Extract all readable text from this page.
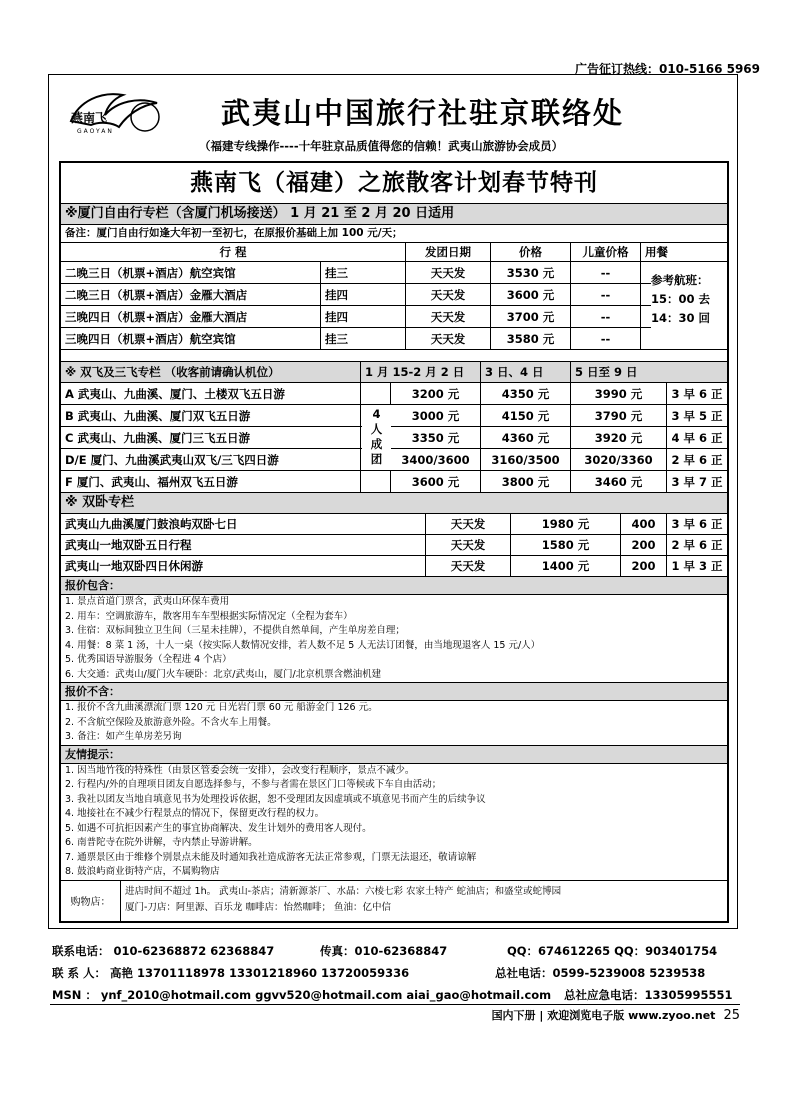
广告征订热线：010-5166 5969
燕南飞
GAOYAN
武夷山中国旅行社驻京联络处
（福建专线操作----十年驻京品质值得您的信赖！武夷山旅游协会成员）
燕南飞（福建）之旅散客计划春节特刊
※厦门自由行专栏（含厦门机场接送） 1 月 21 至 2 月 20 日适用
备注：厦门自由行如逢大年初一至初七，在原报价基础上加 100 元/天；
行 程	发团日期	价格	儿童价格	用餐
二晚三日（机票+酒店）航空宾馆	挂三	天天发	3530 元	--
二晚三日（机票+酒店）金雁大酒店	挂四	天天发	3600 元	--
三晚四日（机票+酒店）金雁大酒店	挂四	天天发	3700 元	--
三晚四日（机票+酒店）航空宾馆	挂三	天天发	3580 元	--
参考航班：
15：00 去
14：30 回
※ 双飞及三飞专栏 （收客前请确认机位）	1 月 15-2 月 2 日	3 日、4 日	5 日至 9 日
A 武夷山、九曲溪、厦门、土楼双飞五日游	3200 元	4350 元	3990 元	3 早 6 正
B 武夷山、九曲溪、厦门双飞五日游	3000 元	4150 元	3790 元	3 早 5 正
C 武夷山、九曲溪、厦门三飞五日游	3350 元	4360 元	3920 元	4 早 6 正
D/E 厦门、九曲溪武夷山双飞/三飞四日游	3400/3600	3160/3500	3020/3360	2 早 6 正
F 厦门、武夷山、福州双飞五日游	3600 元	3800 元	3460 元	3 早 7 正
4
人
成
团
※ 双卧专栏
武夷山九曲溪厦门鼓浪屿双卧七日	天天发	1980 元	400	3 早 6 正
武夷山一地双卧五日行程	天天发	1580 元	200	2 早 6 正
武夷山一地双卧四日休闲游	天天发	1400 元	200	1 早 3 正
报价包含：
1. 景点首道门票含，武夷山环保车费用
2. 用车：空调旅游车，散客用车车型根据实际情况定（全程为套车）
3. 住宿：双标间独立卫生间（三星未挂牌），不提供自然单间，产生单房差自理；
4. 用餐：8 菜 1 汤，十人一桌（按实际人数情况安排，若人数不足 5 人无法订团餐，由当地现退客人 15 元/人）
5. 优秀国语导游服务（全程进 4 个店）
6. 大交通：武夷山/厦门火车硬卧：北京/武夷山，厦门/北京机票含燃油机建
报价不含：
1. 报价不含九曲溪漂流门票 120 元 日光岩门票 60 元 船游金门 126 元。
2. 不含航空保险及旅游意外险。不含火车上用餐。
3. 备注：如产生单房差另询
友情提示：
1. 因当地竹筏的特殊性（由景区管委会统一安排），会改变行程顺序，景点不减少。
2. 行程内/外的自理项目团友自愿选择参与，不参与者需在景区门口等候或下车自由活动；
3. 我社以团友当地自填意见书为处理投诉依据，恕不受理团友因虚填或不填意见书而产生的后续争议
4. 地接社在不减少行程景点的情况下，保留更改行程的权力。
5. 如遇不可抗拒因素产生的事宜协商解决、发生计划外的费用客人现付。
6. 南普陀寺在院外讲解，寺内禁止导游讲解。
7. 通票景区由于维修个别景点未能及时通知我社造成游客无法正常参观，门票无法退还，敬请谅解
8. 鼓浪屿商业街特产店，不属购物店
购物店：
进店时间不超过 1h。 武夷山-茶店；清新源茶厂、水晶：六棱七彩 农家土特产 蛇油店；和盛堂或蛇博园
厦门-刀店：阿里源、百乐龙 咖啡店：怡然咖啡； 鱼油：亿中信
联系电话： 010-62368872 62368847	传真：010-62368847	QQ：674612265 QQ：903401754
联 系 人： 高艳 13701118978 13301218960 13720059336	总社电话：0599-5239008 5239538
MSN ： ynf_2010@hotmail.com ggvv520@hotmail.com aiai_gao@hotmail.com 总社应急电话：13305995551
国内下册 | 欢迎浏览电子版 www.zyoo.net 25
